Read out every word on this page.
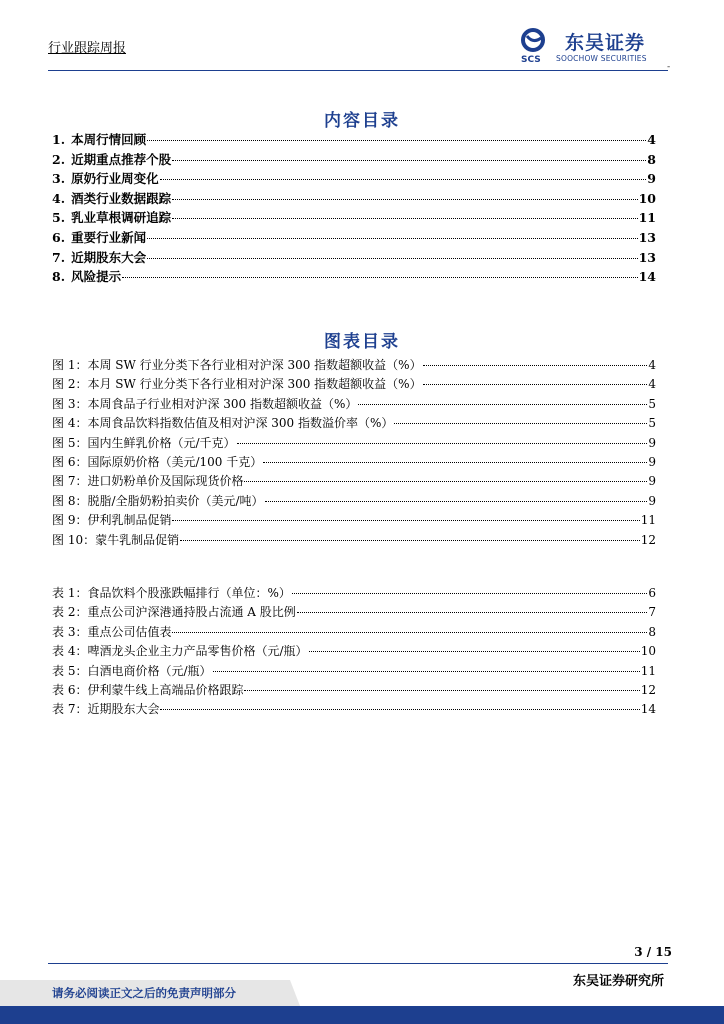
行业跟踪周报
SCS
东吴证券
SOOCHOW SECURITIES
-
内容目录
1. 本周行情回顾	4
2. 近期重点推荐个股	8
3. 原奶行业周变化	9
4. 酒类行业数据跟踪	10
5. 乳业草根调研追踪	11
6. 重要行业新闻	13
7. 近期股东大会	13
8. 风险提示	14
图表目录
图 1：本周 SW 行业分类下各行业相对沪深 300 指数超额收益（%）	4
图 2：本月 SW 行业分类下各行业相对沪深 300 指数超额收益（%）	4
图 3：本周食品子行业相对沪深 300 指数超额收益（%）	5
图 4：本周食品饮料指数估值及相对沪深 300 指数溢价率（%）	5
图 5：国内生鲜乳价格（元/千克）	9
图 6：国际原奶价格（美元/100 千克）	9
图 7：进口奶粉单价及国际现货价格	9
图 8：脱脂/全脂奶粉拍卖价（美元/吨）	9
图 9：伊利乳制品促销	11
图 10：蒙牛乳制品促销	12
表 1：食品饮料个股涨跌幅排行（单位：%）	6
表 2：重点公司沪深港通持股占流通 A 股比例	7
表 3：重点公司估值表	8
表 4：啤酒龙头企业主力产品零售价格（元/瓶）	10
表 5：白酒电商价格（元/瓶）	11
表 6：伊利蒙牛线上高端品价格跟踪	12
表 7：近期股东大会	14
3 / 15
东吴证券研究所
请务必阅读正文之后的免责声明部分
